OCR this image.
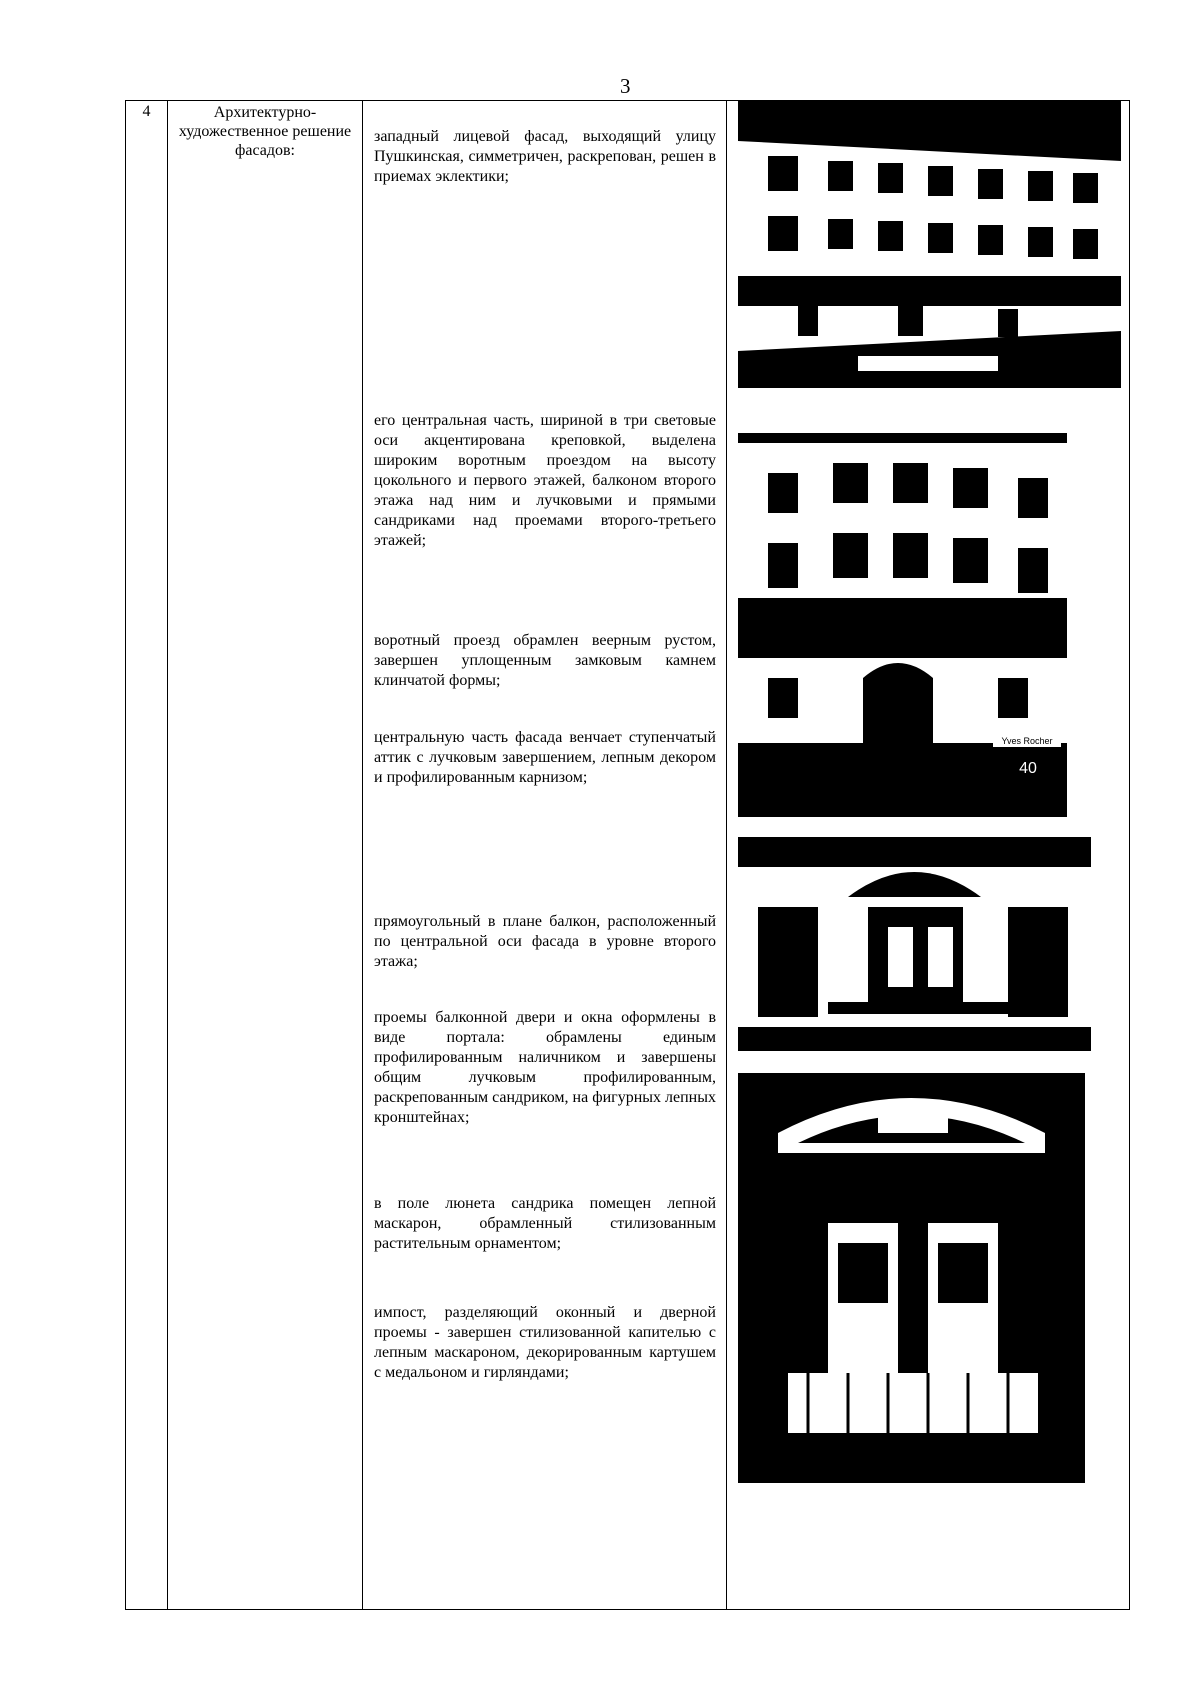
3
4	Архитектурно-художественное решение фасадов:
западный лицевой фасад, выходящий улицу Пушкинская, симметричен, раскрепован, решен в приемах эклектики;
его центральная часть, шириной в три световые оси акцентирована креповкой, выделена широким воротным проездом на высоту цокольного и первого этажей, балконом второго этажа над ним и лучковыми и прямыми сандриками над проемами второго-третьего этажей;
воротный проезд обрамлен веерным рустом, завершен уплощенным замковым камнем клинчатой формы;
центральную часть фасада венчает ступенчатый аттик с лучковым завершением, лепным декором и профилированным карнизом;
прямоугольный в плане балкон, расположенный по центральной оси фасада в уровне второго этажа;
проемы балконной двери и окна оформлены в виде портала: обрамлены единым профилированным наличником и завершены общим лучковым профилированным, раскрепованным сандриком, на фигурных лепных кронштейнах;
в поле люнета сандрика помещен лепной маскарон, обрамленный стилизованным растительным орнаментом;
импост, разделяющий оконный и дверной проемы - завершен стилизованной капителью с лепным маскароном, декорированным картушем с медальоном и гирляндами;
Yves Rocher
40
